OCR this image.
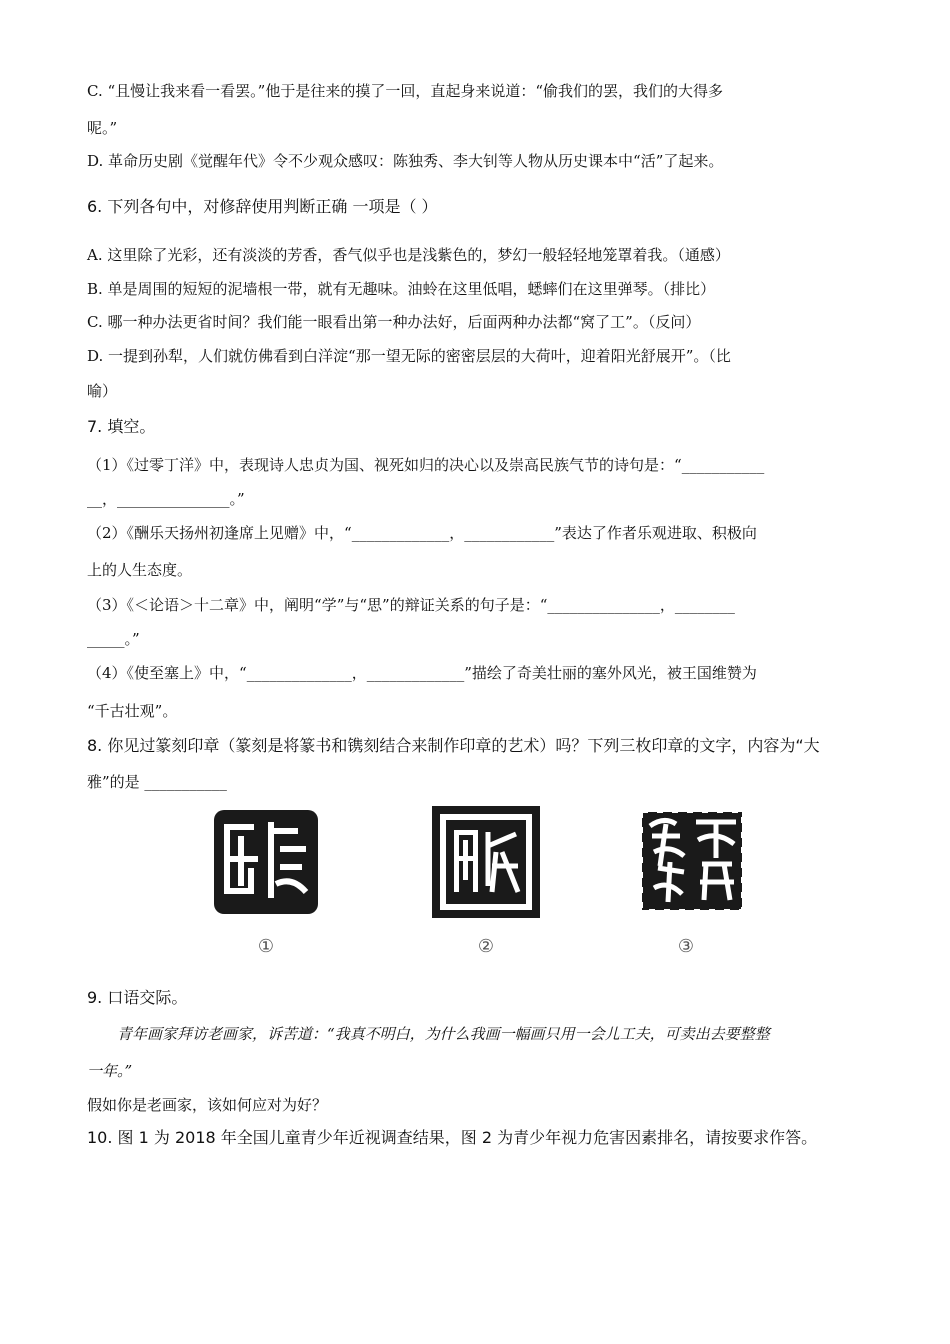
C. “且慢让我来看一看罢。”他于是往来的摸了一回，直起身来说道：“偷我们的罢，我们的大得多
呢。”
D. 革命历史剧《觉醒年代》令不少观众感叹：陈独秀、李大钊等人物从历史课本中“活”了起来。
6. 下列各句中，对修辞使用判断正确 一项是（ ）
A. 这里除了光彩，还有淡淡的芳香，香气似乎也是浅紫色的，梦幻一般轻轻地笼罩着我。（通感）
B. 单是周围的短短的泥墙根一带，就有无趣味。油蛉在这里低唱，蟋蟀们在这里弹琴。（排比）
C. 哪一种办法更省时间？我们能一眼看出第一种办法好，后面两种办法都“窝了工”。（反问）
D. 一提到孙犁，人们就仿佛看到白洋淀“那一望无际的密密层层的大荷叶，迎着阳光舒展开”。（比
喻）
7. 填空。
（1）《过零丁洋》中，表现诗人忠贞为国、视死如归的决心以及崇高民族气节的诗句是：“___________
__，_______________。”
（2）《酬乐天扬州初逢席上见赠》中，“_____________，____________”表达了作者乐观进取、积极向
上的人生态度。
（3）《＜论语＞十二章》中，阐明“学”与“思”的辩证关系的句子是：“_______________，________
_____。”
（4）《使至塞上》中，“______________，_____________”描绘了奇美壮丽的塞外风光，被王国维赞为
“千古壮观”。
8. 你见过篆刻印章（篆刻是将篆书和镌刻结合来制作印章的艺术）吗？下列三枚印章的文字，内容为“大
雅”的是 ___________
①	②	③
9. 口语交际。
青年画家拜访老画家，诉苦道：“我真不明白，为什么我画一幅画只用一会儿工夫，可卖出去要整整
一年。”
假如你是老画家，该如何应对为好？
10. 图 1 为 2018 年全国儿童青少年近视调查结果，图 2 为青少年视力危害因素排名，请按要求作答。
